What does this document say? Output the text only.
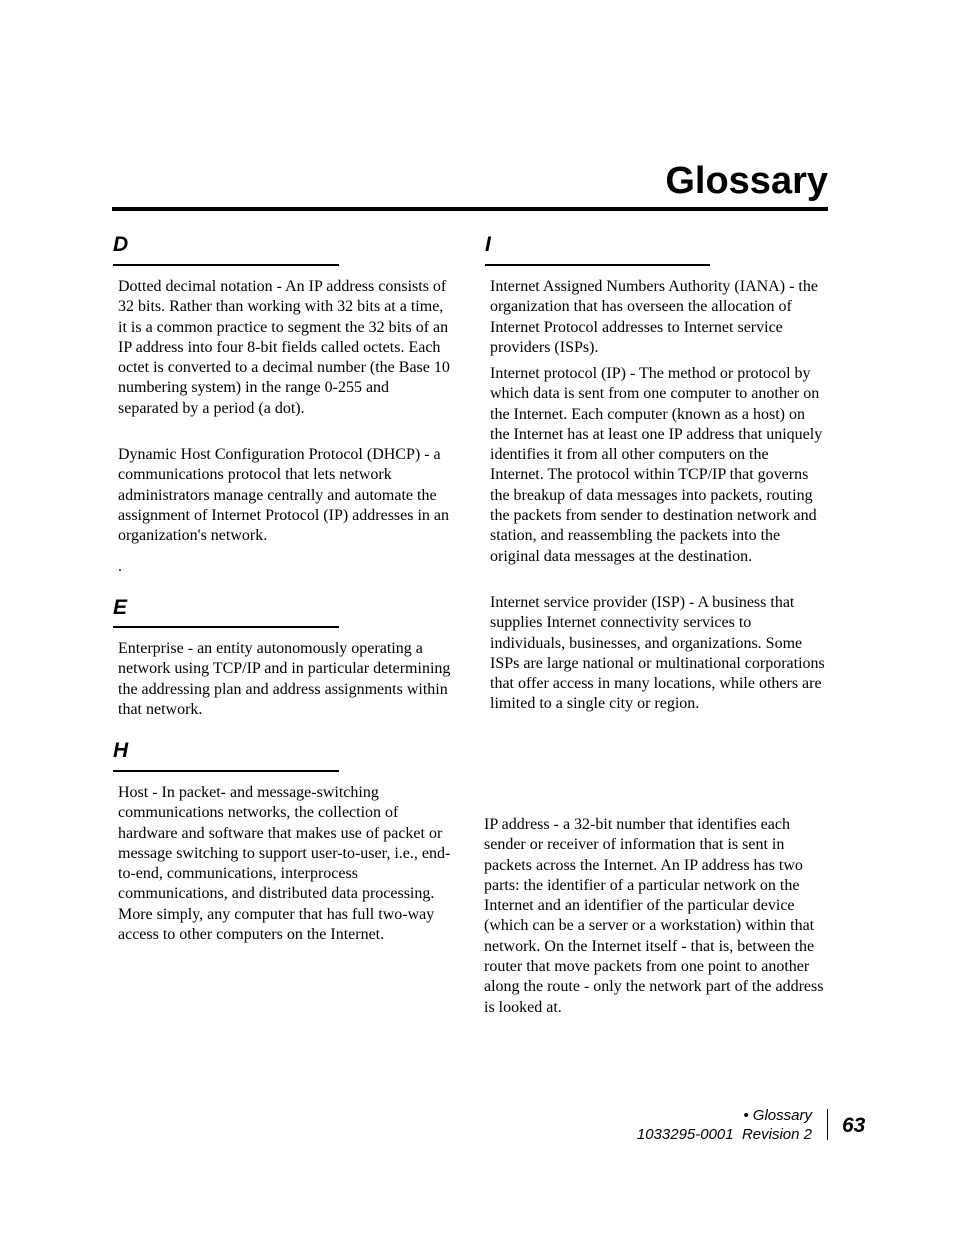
Glossary
D

Dotted decimal notation - An IP address consists of 32 bits. Rather than working with 32 bits at a time, it is a common practice to segment the 32 bits of an IP address into four 8-bit fields called octets. Each octet is converted to a decimal number (the Base 10 numbering system) in the range 0-255 and separated by a period (a dot).

Dynamic Host Configuration Protocol (DHCP) - a communications protocol that lets network administrators manage centrally and automate the assignment of Internet Protocol (IP) addresses in an organization's network.

.

E

Enterprise - an entity autonomously operating a network using TCP/IP and in particular determining the addressing plan and address assignments within that network.

H

Host - In packet- and message-switching communications networks, the collection of hardware and software that makes use of packet or message switching to support user-to-user, i.e., end-to-end, communications, interprocess communications, and distributed data processing. More simply, any computer that has full two-way access to other computers on the Internet.

I

Internet Assigned Numbers Authority (IANA) - the organization that has overseen the allocation of Internet Protocol addresses to Internet service providers (ISPs).

Internet protocol (IP) - The method or protocol by which data is sent from one computer to another on the Internet. Each computer (known as a host) on the Internet has at least one IP address that uniquely identifies it from all other computers on the Internet. The protocol within TCP/IP that governs the breakup of data messages into packets, routing the packets from sender to destination network and station, and reassembling the packets into the original data messages at the destination.

Internet service provider (ISP) - A business that supplies Internet connectivity services to individuals, businesses, and organizations. Some ISPs are large national or multinational corporations that offer access in many locations, while others are limited to a single city or region.

IP address - a 32-bit number that identifies each sender or receiver of information that is sent in packets across the Internet. An IP address has two parts: the identifier of a particular network on the Internet and an identifier of the particular device (which can be a server or a workstation) within that network. On the Internet itself - that is, between the router that move packets from one point to another along the route - only the network part of the address is looked at.

• Glossary
1033295-0001  Revision 2 63
